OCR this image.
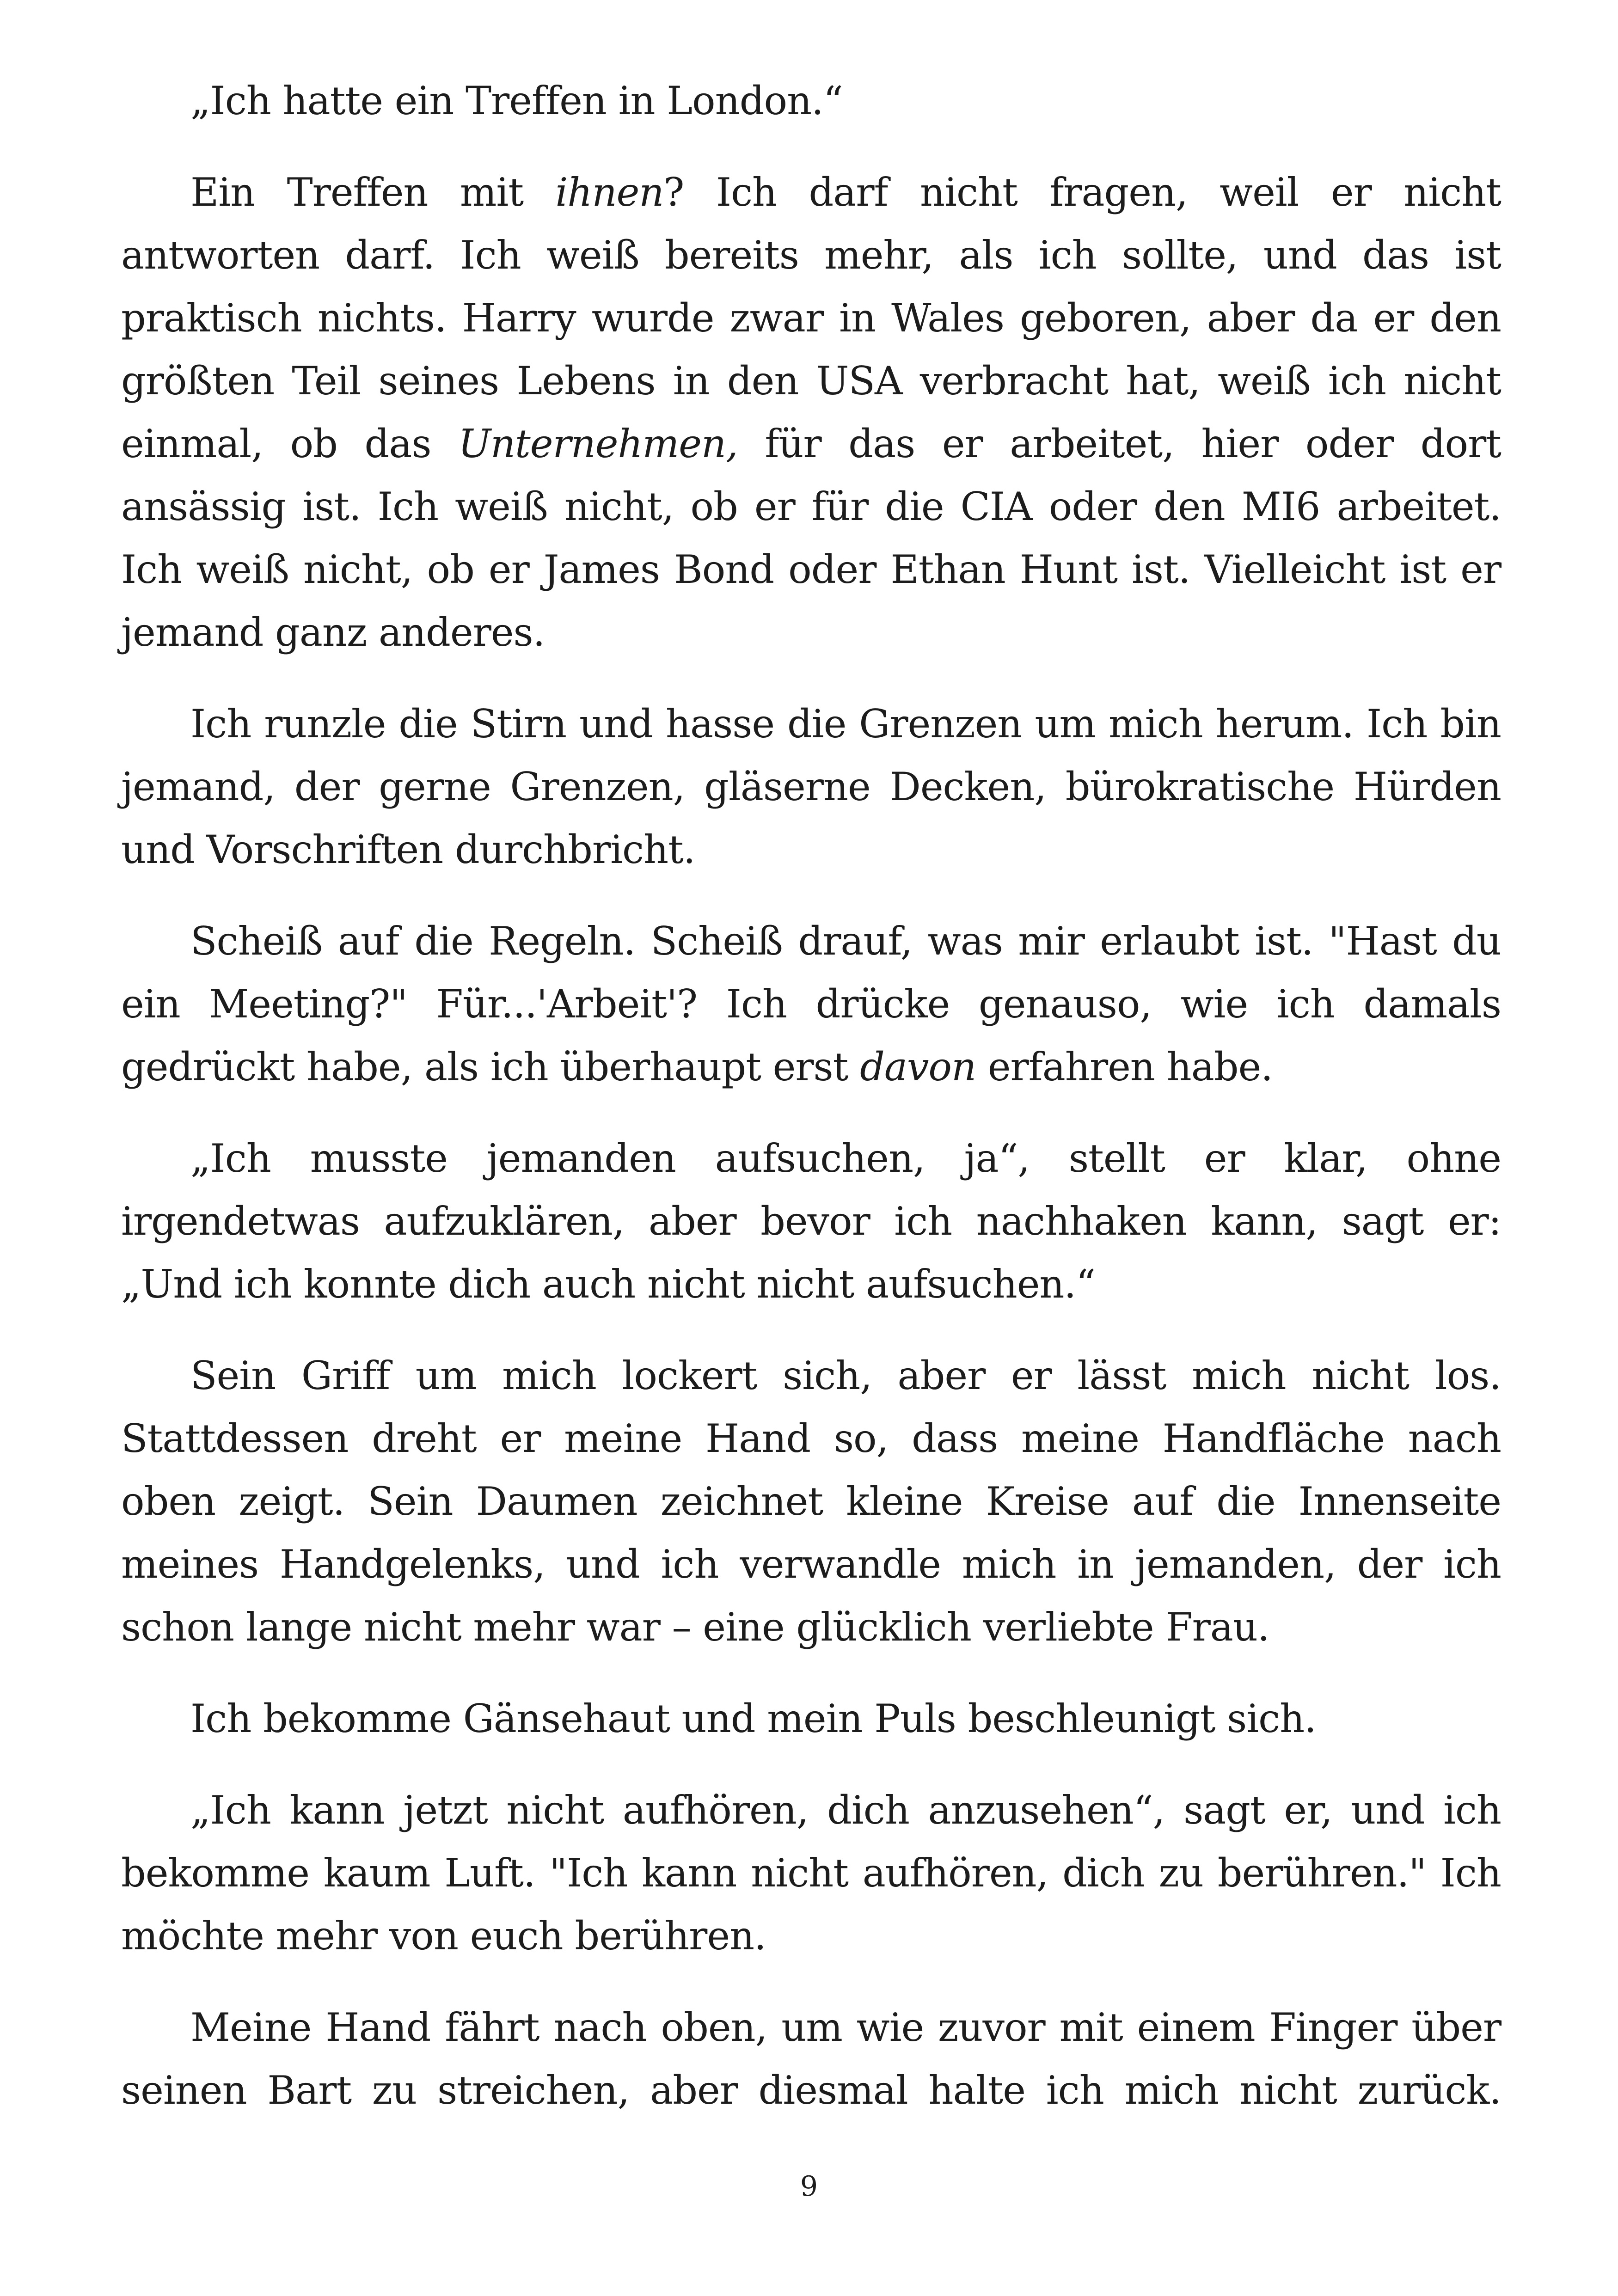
„Ich hatte ein Treffen in London.“

Ein Treffen mit ihnen? Ich darf nicht fragen, weil er nicht antworten darf. Ich weiß bereits mehr, als ich sollte, und das ist praktisch nichts. Harry wurde zwar in Wales geboren, aber da er den größten Teil seines Lebens in den USA verbracht hat, weiß ich nicht einmal, ob das Unternehmen, für das er arbeitet, hier oder dort ansässig ist. Ich weiß nicht, ob er für die CIA oder den MI6 arbeitet. Ich weiß nicht, ob er James Bond oder Ethan Hunt ist. Vielleicht ist er jemand ganz anderes.

Ich runzle die Stirn und hasse die Grenzen um mich herum. Ich bin jemand, der gerne Grenzen, gläserne Decken, bürokratische Hürden und Vorschriften durchbricht.

Scheiß auf die Regeln. Scheiß drauf, was mir erlaubt ist. "Hast du ein Meeting?" Für...'Arbeit'? Ich drücke genauso, wie ich damals gedrückt habe, als ich überhaupt erst davon erfahren habe.

„Ich musste jemanden aufsuchen, ja“, stellt er klar, ohne irgendetwas aufzuklären, aber bevor ich nachhaken kann, sagt er: „Und ich konnte dich auch nicht nicht aufsuchen.“

Sein Griff um mich lockert sich, aber er lässt mich nicht los. Stattdessen dreht er meine Hand so, dass meine Handfläche nach oben zeigt. Sein Daumen zeichnet kleine Kreise auf die Innenseite meines Handgelenks, und ich verwandle mich in jemanden, der ich schon lange nicht mehr war – eine glücklich verliebte Frau.

Ich bekomme Gänsehaut und mein Puls beschleunigt sich.

„Ich kann jetzt nicht aufhören, dich anzusehen“, sagt er, und ich bekomme kaum Luft. "Ich kann nicht aufhören, dich zu berühren." Ich möchte mehr von euch berühren.

Meine Hand fährt nach oben, um wie zuvor mit einem Finger über seinen Bart zu streichen, aber diesmal halte ich mich nicht zurück.

9
